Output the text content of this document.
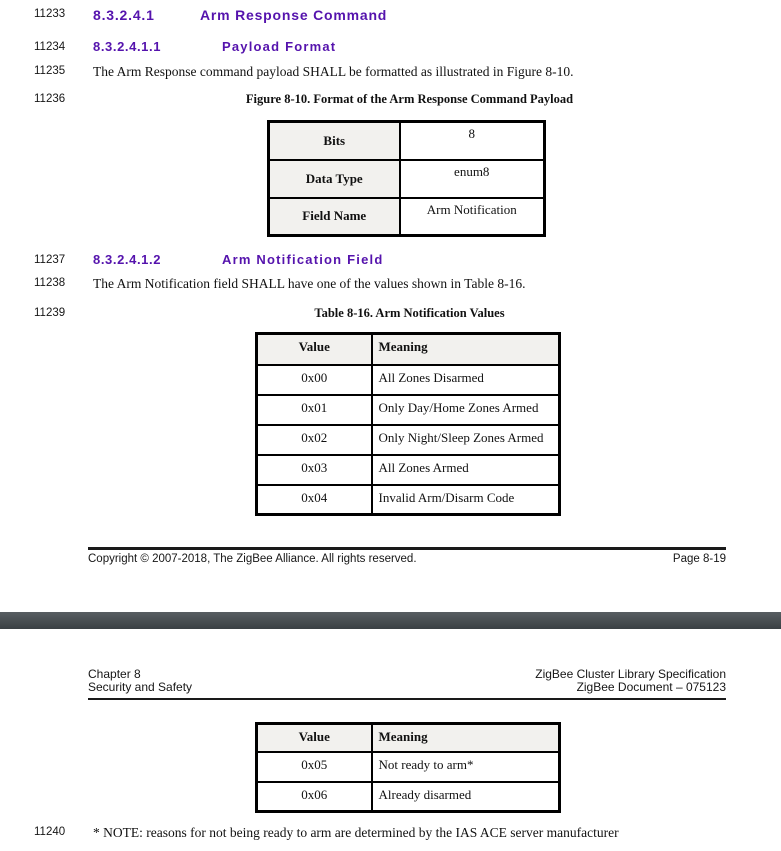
11233	8.3.2.4.1	Arm Response Command
11234	8.3.2.4.1.1	Payload Format
11235	The Arm Response command payload SHALL be formatted as illustrated in Figure 8-10.
11236	Figure 8-10. Format of the Arm Response Command Payload
Bits	8
Data Type	enum8
Field Name	Arm Notification
11237	8.3.2.4.1.2	Arm Notification Field
11238	The Arm Notification field SHALL have one of the values shown in Table 8-16.
11239	Table 8-16. Arm Notification Values
Value	Meaning
0x00	All Zones Disarmed
0x01	Only Day/Home Zones Armed
0x02	Only Night/Sleep Zones Armed
0x03	All Zones Armed
0x04	Invalid Arm/Disarm Code
Copyright © 2007-2018, The ZigBee Alliance. All rights reserved.	Page 8-19
Chapter 8
Security and Safety
ZigBee Cluster Library Specification
ZigBee Document – 075123
Value	Meaning
0x05	Not ready to arm*
0x06	Already disarmed
11240	* NOTE: reasons for not being ready to arm are determined by the IAS ACE server manufacturer
